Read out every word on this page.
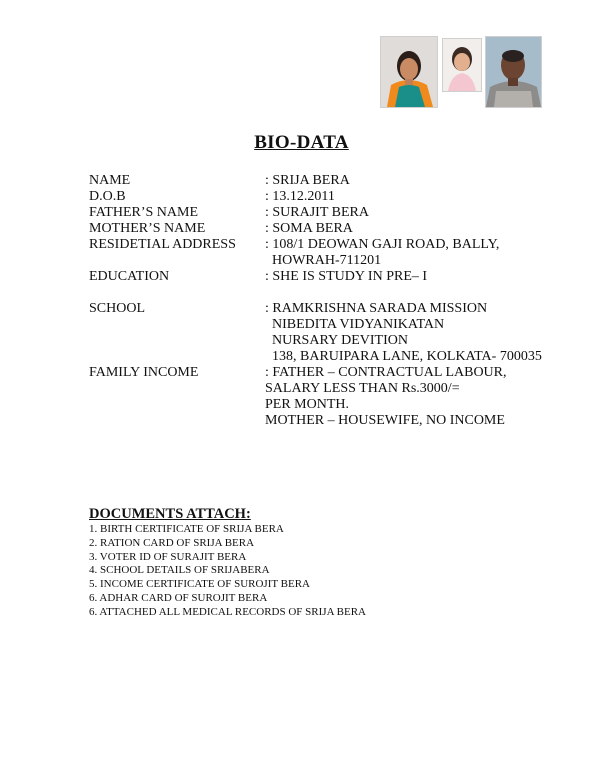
BIO-DATA
NAME	: SRIJA BERA
D.O.B	: 13.12.2011
FATHER’S NAME	: SURAJIT BERA
MOTHER’S NAME	: SOMA BERA
RESIDETIAL ADDRESS	: 108/1 DEOWAN GAJI ROAD, BALLY,
HOWRAH-711201
EDUCATION	: SHE IS STUDY IN PRE– I
SCHOOL	: RAMKRISHNA SARADA MISSION
NIBEDITA VIDYANIKATAN
NURSARY DEVITION
138, BARUIPARA LANE, KOLKATA- 700035
FAMILY INCOME	: FATHER – CONTRACTUAL LABOUR,
SALARY LESS THAN Rs.3000/=
PER MONTH.
MOTHER – HOUSEWIFE, NO INCOME
DOCUMENTS ATTACH:
1. BIRTH CERTIFICATE OF SRIJA BERA
2. RATION CARD OF SRIJA BERA
3. VOTER ID OF SURAJIT BERA
4. SCHOOL DETAILS OF SRIJABERA
5. INCOME CERTIFICATE OF SUROJIT BERA
6. ADHAR CARD OF SUROJIT BERA
6. ATTACHED ALL MEDICAL RECORDS OF SRIJA BERA
